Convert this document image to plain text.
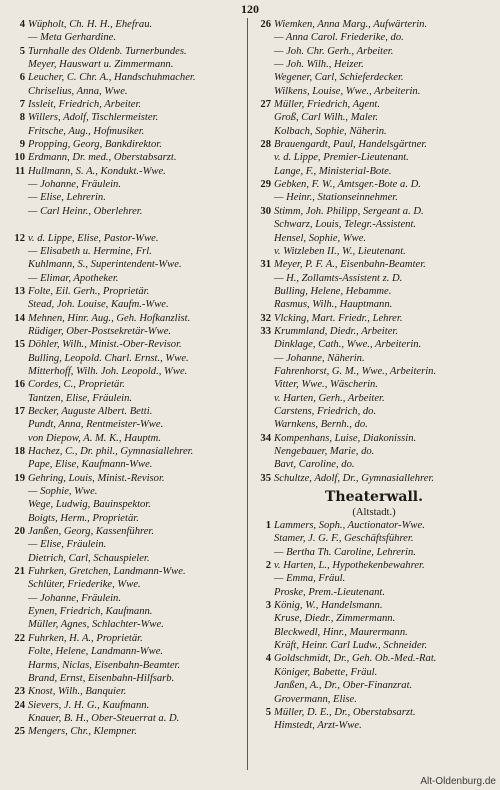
120
4 Wüpholt, Ch. H. H., Ehefrau.
— Meta Gerhardine.
5 Turnhalle des Oldenb. Turnerbundes.
Meyer, Hauswart u. Zimmermann.
6 Leucher, C. Chr. A., Handschuhmacher.
Chriselius, Anna, Wwe.
7 Issleit, Friedrich, Arbeiter.
8 Willers, Adolf, Tischlermeister.
Fritsche, Aug., Hofmusiker.
9 Propping, Georg, Bankdirektor.
10 Erdmann, Dr. med., Oberstabsarzt.
11 Hullmann, S. A., Kondukt.-Wwe.
— Johanne, Fräulein.
— Elise, Lehrerin.
— Carl Heinr., Oberlehrer.
12 v. d. Lippe, Elise, Pastor-Wwe.
— Elisabeth u. Hermine, Frl.
Kuhlmann, S., Superintendent-Wwe.
— Elimar, Apotheker.
13 Folte, Eil. Gerh., Proprietär.
Stead, Joh. Louise, Kaufm.-Wwe.
14 Mehnen, Hinr. Aug., Geh. Hofkanzlist.
Rüdiger, Ober-Postsekretär-Wwe.
15 Döhler, Wilh., Minist.-Ober-Revisor.
Bulling, Leopold. Charl. Ernst., Wwe.
Mitterhoff, Wilh. Joh. Leopold., Wwe.
16 Cordes, C., Proprietär.
Tantzen, Elise, Fräulein.
17 Becker, Auguste Albert. Betti.
Pundt, Anna, Rentmeister-Wwe.
von Diepow, A. M. K., Hauptm.
18 Hachez, C., Dr. phil., Gymnasiallehrer.
Pape, Elise, Kaufmann-Wwe.
19 Gehring, Louis, Minist.-Revisor.
— Sophie, Wwe.
Wege, Ludwig, Bauinspektor.
Boigts, Herm., Proprietär.
20 Janßen, Georg, Kassenführer.
— Elise, Fräulein.
Dietrich, Carl, Schauspieler.
21 Fuhrken, Gretchen, Landmann-Wwe.
Schlüter, Friederike, Wwe.
— Johanne, Fräulein.
Eynen, Friedrich, Kaufmann.
Müller, Agnes, Schlachter-Wwe.
22 Fuhrken, H. A., Proprietär.
Folte, Helene, Landmann-Wwe.
Harms, Niclas, Eisenbahn-Beamter.
Brand, Ernst, Eisenbahn-Hilfsarb.
23 Knost, Wilh., Banquier.
24 Sievers, J. H. G., Kaufmann.
Knauer, B. H., Ober-Steuerrat a. D.
25 Mengers, Chr., Klempner.
26 Wiemken, Anna Marg., Aufwärterin.
— Anna Carol. Friederike, do.
— Joh. Chr. Gerh., Arbeiter.
— Joh. Wilh., Heizer.
Wegener, Carl, Schieferdecker.
Wilkens, Louise, Wwe., Arbeiterin.
27 Müller, Friedrich, Agent.
Groß, Carl Wilh., Maler.
Kolbach, Sophie, Näherin.
28 Brauengardt, Paul, Handelsgärtner.
v. d. Lippe, Premier-Lieutenant.
Lange, F., Ministerial-Bote.
29 Gebken, F. W., Amtsger.-Bote a. D.
— Heinr., Stationseinnehmer.
30 Stimm, Joh. Philipp, Sergeant a. D.
Schwarz, Louis, Telegr.-Assistent.
Hensel, Sophie, Wwe.
v. Witzleben II., W., Lieutenant.
31 Meyer, P. F. A., Eisenbahn-Beamter.
— H., Zollamts-Assistent z. D.
Bulling, Helene, Hebamme.
Rasmus, Wilh., Hauptmann.
32 Vlcking, Mart. Friedr., Lehrer.
33 Krummland, Diedr., Arbeiter.
Dinklage, Cath., Wwe., Arbeiterin.
— Johanne, Näherin.
Fahrenhorst, G. M., Wwe., Arbeiterin.
Vitter, Wwe., Wäscherin.
v. Harten, Gerh., Arbeiter.
Carstens, Friedrich, do.
Warnkens, Bernh., do.
34 Kompenhans, Luise, Diakonissin.
Nengebauer, Marie, do.
Bavt, Caroline, do.
35 Schultze, Adolf, Dr., Gymnasiallehrer.
Theaterwall.
(Altstadt.)
1 Lammers, Soph., Auctionator-Wwe.
Stamer, J. G. F., Geschäftsführer.
— Bertha Th. Caroline, Lehrerin.
2 v. Harten, L., Hypothekenbewahrer.
— Emma, Fräul.
Proske, Prem.-Lieutenant.
3 König, W., Handelsmann.
Kruse, Diedr., Zimmermann.
Bleckwedl, Hinr., Maurermann.
Kräft, Heinr. Carl Ludw., Schneider.
4 Goldschmidt, Dr., Geh. Ob.-Med.-Rat.
Königer, Babette, Fräul.
Janßen, A., Dr., Ober-Finanzrat.
Grovermann, Elise.
5 Müller, D. E., Dr., Oberstabsarzt.
Himstedt, Arzt-Wwe.
Alt-Oldenburg.de
